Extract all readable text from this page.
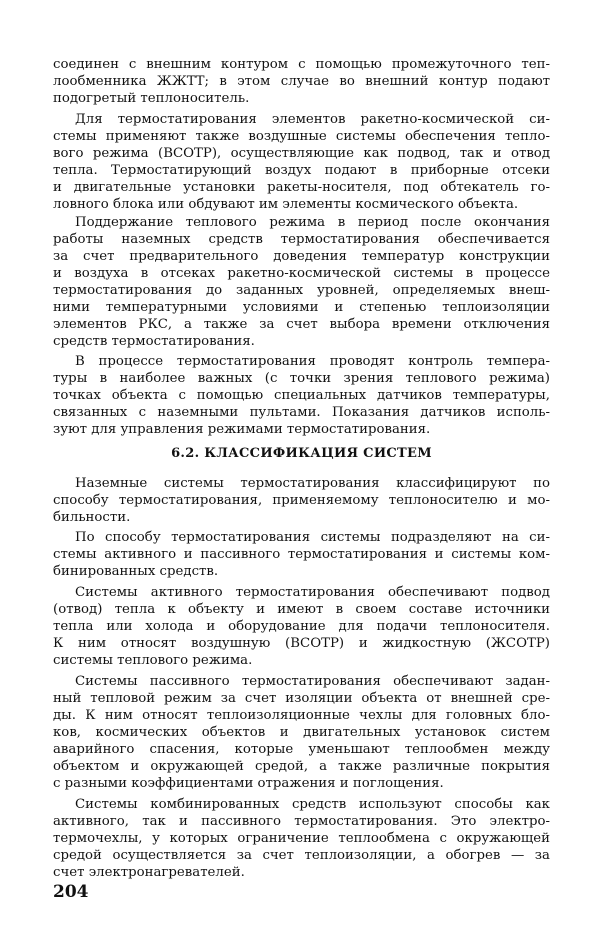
соединен с внешним контуром с помощью промежуточного теп-
лообменника ЖЖТТ; в этом случае во внешний контур подают
подогретый теплоноситель.
Для термостатирования элементов ракетно-космической си-
стемы применяют также воздушные системы обеспечения тепло-
вого режима (ВСОТР), осуществляющие как подвод, так и отвод
тепла. Термостатирующий воздух подают в приборные отсеки
и двигательные установки ракеты-носителя, под обтекатель го-
ловного блока или обдувают им элементы космического объекта.
Поддержание теплового режима в период после окончания
работы наземных средств термостатирования обеспечивается
за счет предварительного доведения температур конструкции
и воздуха в отсеках ракетно-космической системы в процессе
термостатирования до заданных уровней, определяемых внеш-
ними температурными условиями и степенью теплоизоляции
элементов РКС, а также за счет выбора времени отключения
средств термостатирования.
В процессе термостатирования проводят контроль темпера-
туры в наиболее важных (с точки зрения теплового режима)
точках объекта с помощью специальных датчиков температуры,
связанных с наземными пультами. Показания датчиков исполь-
зуют для управления режимами термостатирования.
6.2. КЛАССИФИКАЦИЯ СИСТЕМ
Наземные системы термостатирования классифицируют по
способу термостатирования, применяемому теплоносителю и мо-
бильности.
По способу термостатирования системы подразделяют на си-
стемы активного и пассивного термостатирования и системы ком-
бинированных средств.
Системы активного термостатирования обеспечивают подвод
(отвод) тепла к объекту и имеют в своем составе источники
тепла или холода и оборудование для подачи теплоносителя.
К ним относят воздушную (ВСОТР) и жидкостную (ЖСОТР)
системы теплового режима.
Системы пассивного термостатирования обеспечивают задан-
ный тепловой режим за счет изоляции объекта от внешней сре-
ды. К ним относят теплоизоляционные чехлы для головных бло-
ков, космических объектов и двигательных установок систем
аварийного спасения, которые уменьшают теплообмен между
объектом и окружающей средой, а также различные покрытия
с разными коэффициентами отражения и поглощения.
Системы комбинированных средств используют способы как
активного, так и пассивного термостатирования. Это электро-
термочехлы, у которых ограничение теплообмена с окружающей
средой осуществляется за счет теплоизоляции, а обогрев — за
счет электронагревателей.
204
